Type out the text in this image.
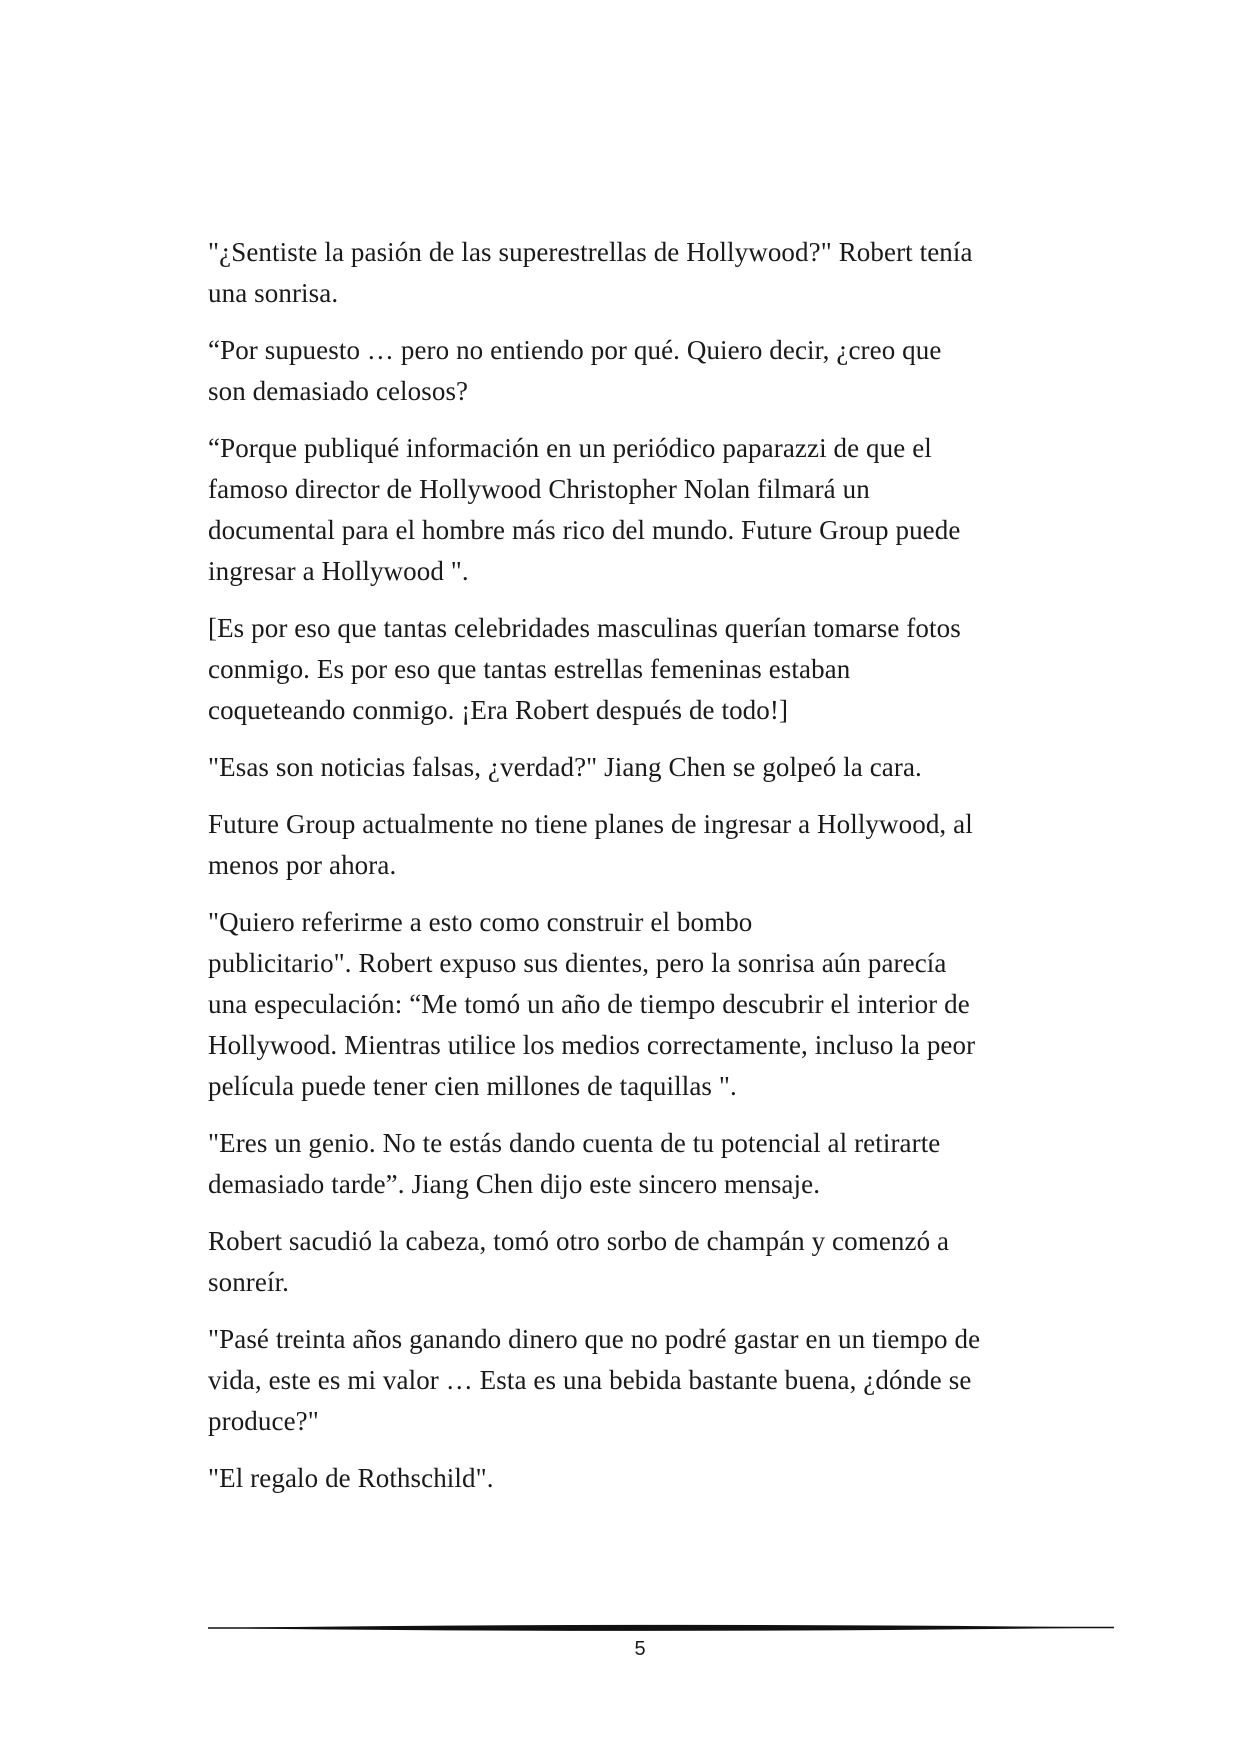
"¿Sentiste la pasión de las superestrellas de Hollywood?" Robert tenía
una sonrisa.

“Por supuesto … pero no entiendo por qué. Quiero decir, ¿creo que
son demasiado celosos?

“Porque publiqué información en un periódico paparazzi de que el
famoso director de Hollywood Christopher Nolan filmará un
documental para el hombre más rico del mundo. Future Group puede
ingresar a Hollywood ".

[Es por eso que tantas celebridades masculinas querían tomarse fotos
conmigo. Es por eso que tantas estrellas femeninas estaban
coqueteando conmigo. ¡Era Robert después de todo!]

"Esas son noticias falsas, ¿verdad?" Jiang Chen se golpeó la cara.

Future Group actualmente no tiene planes de ingresar a Hollywood, al
menos por ahora.

"Quiero referirme a esto como construir el bombo
publicitario". Robert expuso sus dientes, pero la sonrisa aún parecía
una especulación: “Me tomó un año de tiempo descubrir el interior de
Hollywood. Mientras utilice los medios correctamente, incluso la peor
película puede tener cien millones de taquillas ".

"Eres un genio. No te estás dando cuenta de tu potencial al retirarte
demasiado tarde”. Jiang Chen dijo este sincero mensaje.

Robert sacudió la cabeza, tomó otro sorbo de champán y comenzó a
sonreír.

"Pasé treinta años ganando dinero que no podré gastar en un tiempo de
vida, este es mi valor … Esta es una bebida bastante buena, ¿dónde se
produce?"

"El regalo de Rothschild".

5
